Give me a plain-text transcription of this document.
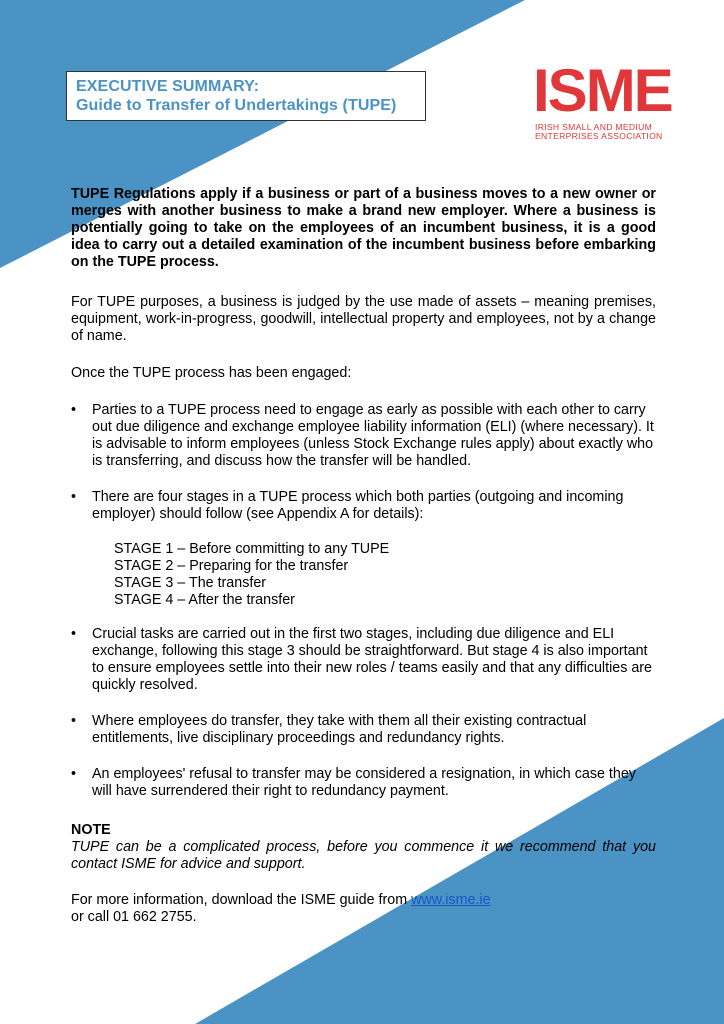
EXECUTIVE SUMMARY:
Guide to Transfer of Undertakings (TUPE)	ISME
IRISH SMALL AND MEDIUM
ENTERPRISES ASSOCIATION

TUPE Regulations apply if a business or part of a business moves to a new owner or merges with another business to make a brand new employer. Where a business is potentially going to take on the employees of an incumbent business, it is a good idea to carry out a detailed examination of the incumbent business before embarking on the TUPE process.

For TUPE purposes, a business is judged by the use made of assets – meaning premises, equipment, work-in-progress, goodwill, intellectual property and employees, not by a change of name.

Once the TUPE process has been engaged:

• Parties to a TUPE process need to engage as early as possible with each other to carry out due diligence and exchange employee liability information (ELI) (where necessary). It is advisable to inform employees (unless Stock Exchange rules apply) about exactly who is transferring, and discuss how the transfer will be handled.
• There are four stages in a TUPE process which both parties (outgoing and incoming employer) should follow (see Appendix A for details):
STAGE 1 – Before committing to any TUPE
STAGE 2 – Preparing for the transfer
STAGE 3 – The transfer
STAGE 4 – After the transfer
• Crucial tasks are carried out in the first two stages, including due diligence and ELI exchange, following this stage 3 should be straightforward. But stage 4 is also important to ensure employees settle into their new roles / teams easily and that any difficulties are quickly resolved.
• Where employees do transfer, they take with them all their existing contractual entitlements, live disciplinary proceedings and redundancy rights.
• An employees' refusal to transfer may be considered a resignation, in which case they will have surrendered their right to redundancy payment.

NOTE

TUPE can be a complicated process, before you commence it we recommend that you contact ISME for advice and support.

For more information, download the ISME guide from www.isme.ie

or call 01 662 2755.
